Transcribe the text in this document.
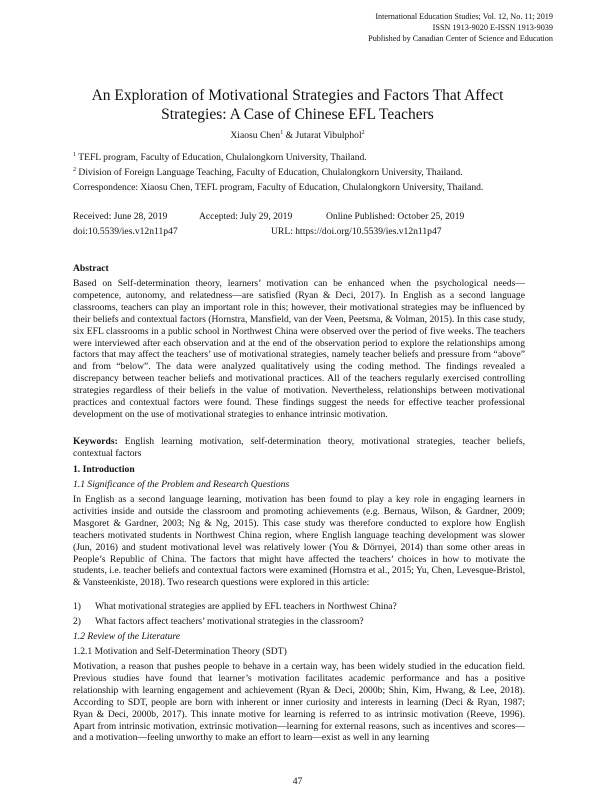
International Education Studies; Vol. 12, No. 11; 2019
ISSN 1913-9020 E-ISSN 1913-9039
Published by Canadian Center of Science and Education
An Exploration of Motivational Strategies and Factors That Affect
Strategies: A Case of Chinese EFL Teachers
Xiaosu Chen$^1$ & Jutarat Vibulphol$^2$
$^1$ TEFL program, Faculty of Education, Chulalongkorn University, Thailand.
$^2$ Division of Foreign Language Teaching, Faculty of Education, Chulalongkorn University, Thailand.
Correspondence: Xiaosu Chen, TEFL program, Faculty of Education, Chulalongkorn University, Thailand.
Received: June 28, 2019	Accepted: July 29, 2019	Online Published: October 25, 2019
doi:10.5539/ies.v12n11p47	URL: https://doi.org/10.5539/ies.v12n11p47
Abstract

Based on Self-determination theory, learners’ motivation can be enhanced when the psychological needs—competence, autonomy, and relatedness—are satisfied (Ryan & Deci, 2017). In English as a second language classrooms, teachers can play an important role in this; however, their motivational strategies may be influenced by their beliefs and contextual factors (Hornstra, Mansfield, van der Veen, Peetsma, & Volman, 2015). In this case study, six EFL classrooms in a public school in Northwest China were observed over the period of five weeks. The teachers were interviewed after each observation and at the end of the observation period to explore the relationships among factors that may affect the teachers’ use of motivational strategies, namely teacher beliefs and pressure from “above” and from “below”. The data were analyzed qualitatively using the coding method. The findings revealed a discrepancy between teacher beliefs and motivational practices. All of the teachers regularly exercised controlling strategies regardless of their beliefs in the value of motivation. Nevertheless, relationships between motivational practices and contextual factors were found. These findings suggest the needs for effective teacher professional development on the use of motivational strategies to enhance intrinsic motivation.

Keywords: English learning motivation, self-determination theory, motivational strategies, teacher beliefs, contextual factors

1. Introduction
1.1 Significance of the Problem and Research Questions

In English as a second language learning, motivation has been found to play a key role in engaging learners in activities inside and outside the classroom and promoting achievements (e.g. Bernaus, Wilson, & Gardner, 2009; Masgoret & Gardner, 2003; Ng & Ng, 2015). This case study was therefore conducted to explore how English teachers motivated students in Northwest China region, where English language teaching development was slower (Jun, 2016) and student motivational level was relatively lower (You & Dörnyei, 2014) than some other areas in People’s Republic of China. The factors that might have affected the teachers’ choices in how to motivate the students, i.e. teacher beliefs and contextual factors were examined (Hornstra et al., 2015; Yu, Chen, Levesque-Bristol, & Vansteenkiste, 2018). Two research questions were explored in this article:

1) What motivational strategies are applied by EFL teachers in Northwest China?
2) What factors affect teachers’ motivational strategies in the classroom?
1.2 Review of the Literature
1.2.1 Motivation and Self-Determination Theory (SDT)

Motivation, a reason that pushes people to behave in a certain way, has been widely studied in the education field. Previous studies have found that learner’s motivation facilitates academic performance and has a positive relationship with learning engagement and achievement (Ryan & Deci, 2000b; Shin, Kim, Hwang, & Lee, 2018). According to SDT, people are born with inherent or inner curiosity and interests in learning (Deci & Ryan, 1987; Ryan & Deci, 2000b, 2017). This innate motive for learning is referred to as intrinsic motivation (Reeve, 1996). Apart from intrinsic motivation, extrinsic motivation—learning for external reasons, such as incentives and scores—and a motivation—feeling unworthy to make an effort to learn—exist as well in any learning

47
